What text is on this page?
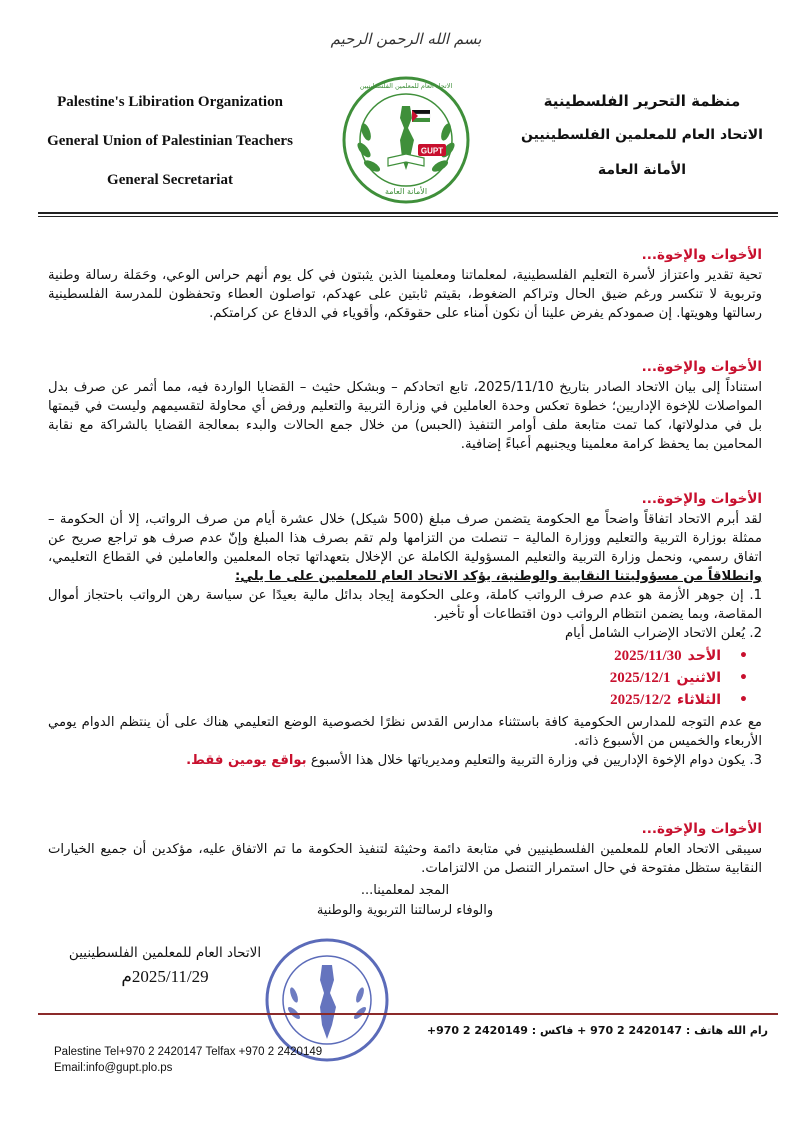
بسم الله الرحمن الرحيم
Palestine's Libiration Organization
General Union of Palestinian Teachers
General Secretariat
منظمة التحرير الفلسطينية
الاتحاد العام للمعلمين الفلسطينيين
الأمانة العامة
GUPT
الأمانة العامة
الاتحاد العام للمعلمين الفلسطينيين
الأخوات والإخوة...

تحية تقدير واعتزاز لأسرة التعليم الفلسطينية، لمعلماتنا ومعلمينا الذين يثبتون في كل يوم أنهم حراس الوعي، وحَمَلة رسالة وطنية وتربوية لا تنكسر ورغم ضيق الحال وتراكم الضغوط، بقيتم ثابتين على عهدكم، تواصلون العطاء وتحفظون للمدرسة الفلسطينية رسالتها وهويتها. إن صمودكم يفرض علينا أن نكون أمناء على حقوقكم، وأقوياء في الدفاع عن كرامتكم.

الأخوات والإخوة...

استناداً إلى بيان الاتحاد الصادر بتاريخ 2025/11/10، تابع اتحادكم – وبشكل حثيث – القضايا الواردة فيه، مما أثمر عن صرف بدل المواصلات للإخوة الإداريين؛ خطوة تعكس وحدة العاملين في وزارة التربية والتعليم ورفض أي محاولة لتقسيمهم وليست في قيمتها بل في مدلولاتها، كما تمت متابعة ملف أوامر التنفيذ (الحبس) من خلال جمع الحالات والبدء بمعالجة القضايا بالشراكة مع نقابة المحامين بما يحفظ كرامة معلمينا ويجنبهم أعباءً إضافية.

الأخوات والإخوة...

لقد أبرم الاتحاد اتفاقاً واضحاً مع الحكومة يتضمن صرف مبلغ (500 شيكل) خلال عشرة أيام من صرف الرواتب، إلا أن الحكومة – ممثلة بوزارة التربية والتعليم ووزارة المالية – تنصلت من التزامها ولم تقم بصرف هذا المبلغ وإنّ عدم صرف هو تراجع صريح عن اتفاق رسمي، ونحمل وزارة التربية والتعليم المسؤولية الكاملة عن الإخلال بتعهداتها تجاه المعلمين والعاملين في القطاع التعليمي، وانطلاقاً من مسؤوليتنا النقابية والوطنية، يؤكد الاتحاد العام للمعلمين على ما يلي:

1. إن جوهر الأزمة هو عدم صرف الرواتب كاملة، وعلى الحكومة إيجاد بدائل مالية بعيدًا عن سياسة رهن الرواتب باحتجاز أموال المقاصة، وبما يضمن انتظام الرواتب دون اقتطاعات أو تأخير.

2. يُعلن الاتحاد الإضراب الشامل أيام

• الأحد2025/11/30
• الاثنين2025/12/1
• الثلاثاء2025/12/2

مع عدم التوجه للمدارس الحكومية كافة باستثناء مدارس القدس نظرًا لخصوصية الوضع التعليمي هناك على أن ينتظم الدوام يومي الأربعاء والخميس من الأسبوع ذاته.

3. يكون دوام الإخوة الإداريين في وزارة التربية والتعليم ومديرياتها خلال هذا الأسبوع بواقع يومين فقط.

الأخوات والإخوة...

سيبقى الاتحاد العام للمعلمين الفلسطينيين في متابعة دائمة وحثيثة لتنفيذ الحكومة ما تم الاتفاق عليه، مؤكدين أن جميع الخيارات النقابية ستظل مفتوحة في حال استمرار التنصل من الالتزامات.

المجد لمعلمينا...
والوفاء لرسالتنا التربوية والوطنية
الاتحاد العام للمعلمين الفلسطينيين
2025/11/29م
رام الله هاتف : 2420147 2 970 + فاكس : 2420149 2 970+
Palestine Tel+970 2 2420147 Telfax +970 2 2420149
Email:info@gupt.plo.ps
